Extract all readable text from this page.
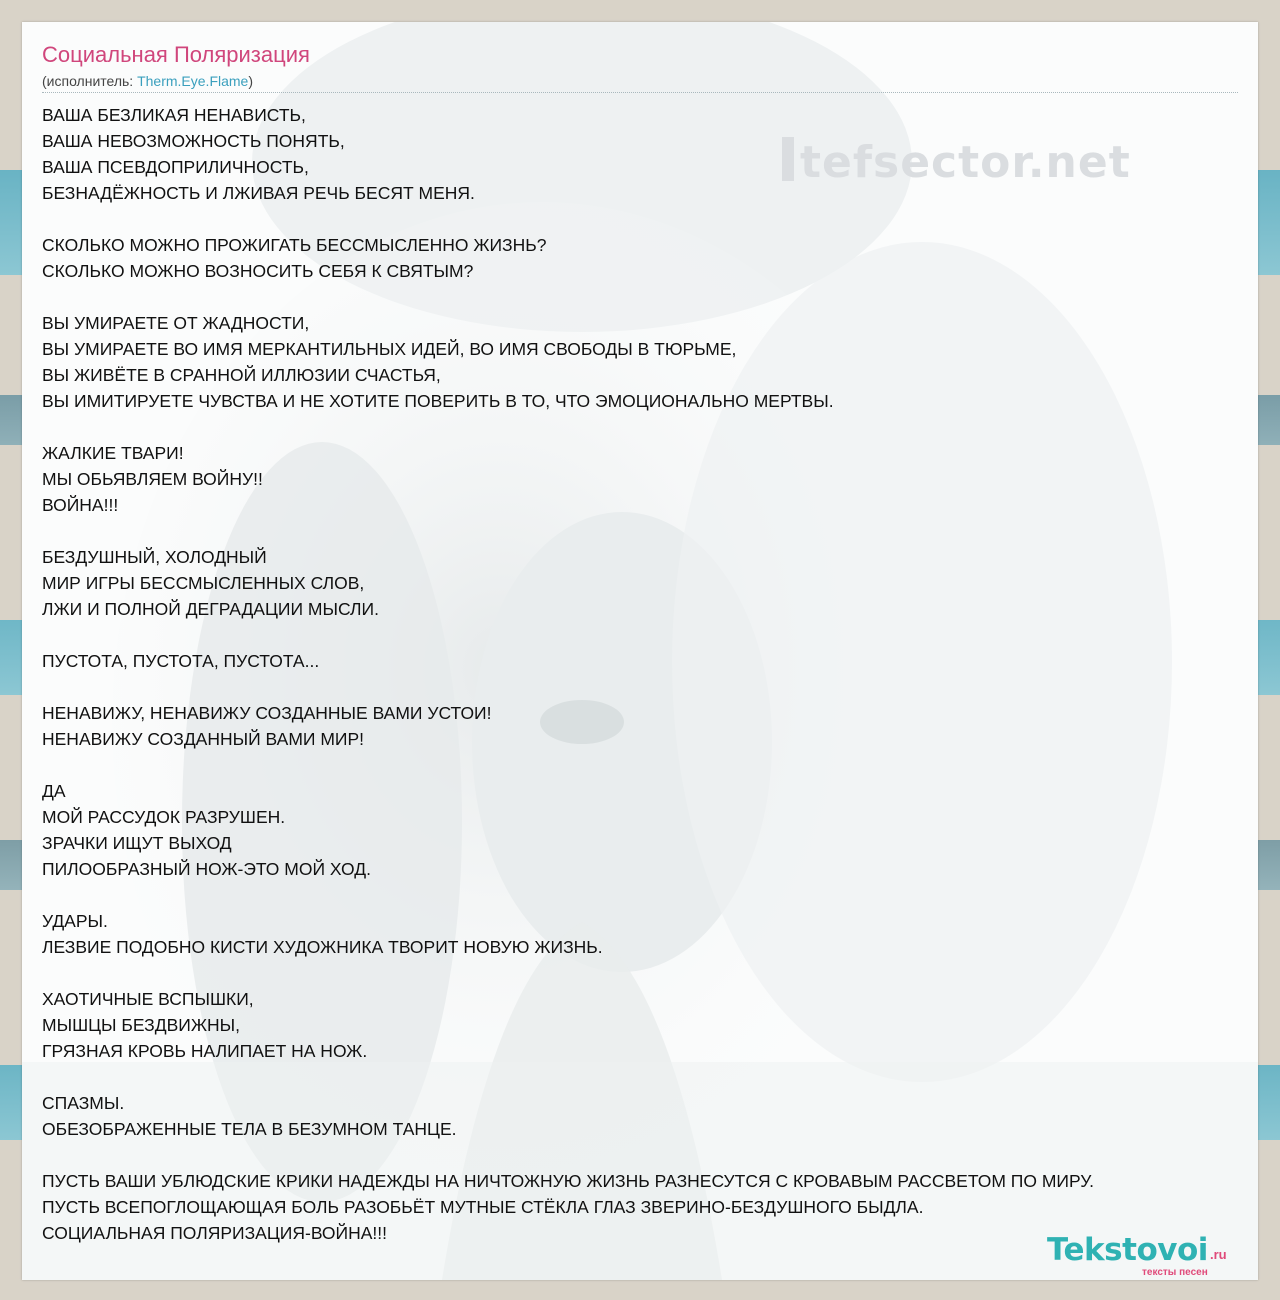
tefsector.net
Социальная Поляризация
(исполнитель: Therm.Eye.Flame)
ВАША БЕЗЛИКАЯ НЕНАВИСТЬ,
ВАША НЕВОЗМОЖНОСТЬ ПОНЯТЬ,
ВАША ПСЕВДОПРИЛИЧНОСТЬ,
БЕЗНАДЁЖНОСТЬ И ЛЖИВАЯ РЕЧЬ БЕСЯТ МЕНЯ.
СКОЛЬКО МОЖНО ПРОЖИГАТЬ БЕССМЫСЛЕННО ЖИЗНЬ?
СКОЛЬКО МОЖНО ВОЗНОСИТЬ СЕБЯ К СВЯТЫМ?
ВЫ УМИРАЕТЕ ОТ ЖАДНОСТИ,
ВЫ УМИРАЕТЕ ВО ИМЯ МЕРКАНТИЛЬНЫХ ИДЕЙ, ВО ИМЯ СВОБОДЫ В ТЮРЬМЕ,
ВЫ ЖИВЁТЕ В СРАННОЙ ИЛЛЮЗИИ СЧАСТЬЯ,
ВЫ ИМИТИРУЕТЕ ЧУВСТВА И НЕ ХОТИТЕ ПОВЕРИТЬ В ТО, ЧТО ЭМОЦИОНАЛЬНО МЕРТВЫ.
ЖАЛКИЕ ТВАРИ!
МЫ ОБЬЯВЛЯЕМ ВОЙНУ!!
ВОЙНА!!!
БЕЗДУШНЫЙ, ХОЛОДНЫЙ
МИР ИГРЫ БЕССМЫСЛЕННЫХ СЛОВ,
ЛЖИ И ПОЛНОЙ ДЕГРАДАЦИИ МЫСЛИ.
ПУСТОТА, ПУСТОТА, ПУСТОТА...
НЕНАВИЖУ, НЕНАВИЖУ СОЗДАННЫЕ ВАМИ УСТОИ!
НЕНАВИЖУ СОЗДАННЫЙ ВАМИ МИР!
ДА
МОЙ РАССУДОК РАЗРУШЕН.
ЗРАЧКИ ИЩУТ ВЫХОД
ПИЛООБРАЗНЫЙ НОЖ-ЭТО МОЙ ХОД.
УДАРЫ.
ЛЕЗВИЕ ПОДОБНО КИСТИ ХУДОЖНИКА ТВОРИТ НОВУЮ ЖИЗНЬ.
ХАОТИЧНЫЕ ВСПЫШКИ,
МЫШЦЫ БЕЗДВИЖНЫ,
ГРЯЗНАЯ КРОВЬ НАЛИПАЕТ НА НОЖ.
СПАЗМЫ.
ОБЕЗОБРАЖЕННЫЕ ТЕЛА В БЕЗУМНОМ ТАНЦЕ.
ПУСТЬ ВАШИ УБЛЮДСКИЕ КРИКИ НАДЕЖДЫ НА НИЧТОЖНУЮ ЖИЗНЬ РАЗНЕСУТСЯ С КРОВАВЫМ РАССВЕТОМ ПО МИРУ.
ПУСТЬ ВСЕПОГЛОЩАЮЩАЯ БОЛЬ РАЗОБЬЁТ МУТНЫЕ СТЁКЛА ГЛАЗ ЗВЕРИНО-БЕЗДУШНОГО БЫДЛА.
СОЦИАЛЬНАЯ ПОЛЯРИЗАЦИЯ-ВОЙНА!!!	Tekstovoi .ru
тексты песен
